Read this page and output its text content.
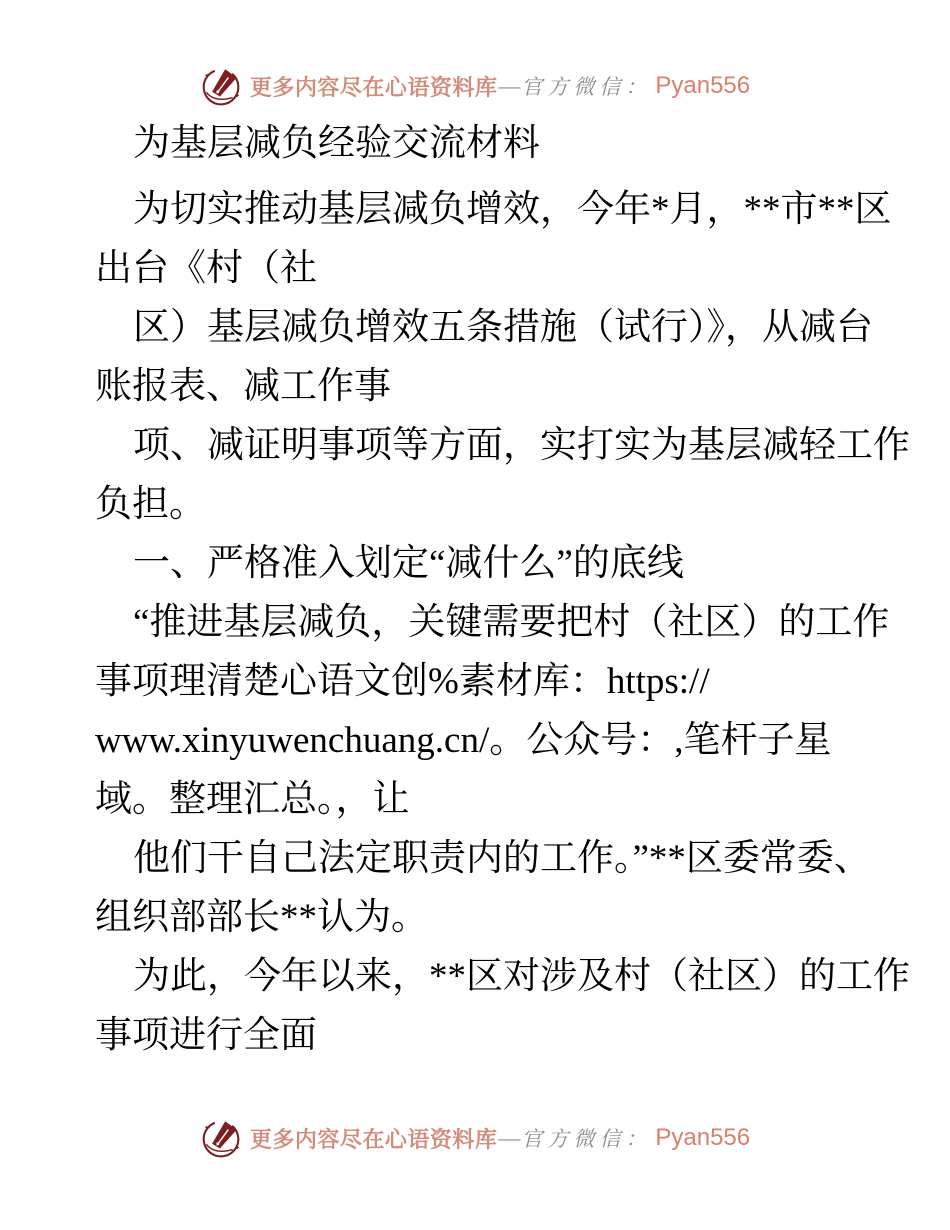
更多内容尽在心语资料库 — 官方微信： Pyan556
为基层减负经验交流材料
为切实推动基层减负增效，今年*月，**市**区
出台《村（社
区）基层减负增效五条措施（试行）》，从减台
账报表、减工作事
项、减证明事项等方面，实打实为基层减轻工作
负担。
一、严格准入划定“减什么”的底线
“推进基层减负，关键需要把村（社区）的工作
事项理清楚心语文创%素材库：https://
www.xinyuwenchuang.cn/。公众号：,笔杆子星
域。整理汇总。，让
他们干自己法定职责内的工作。”**区委常委、
组织部部长**认为。
为此，今年以来，**区对涉及村（社区）的工作
事项进行全面
更多内容尽在心语资料库 — 官方微信： Pyan556
